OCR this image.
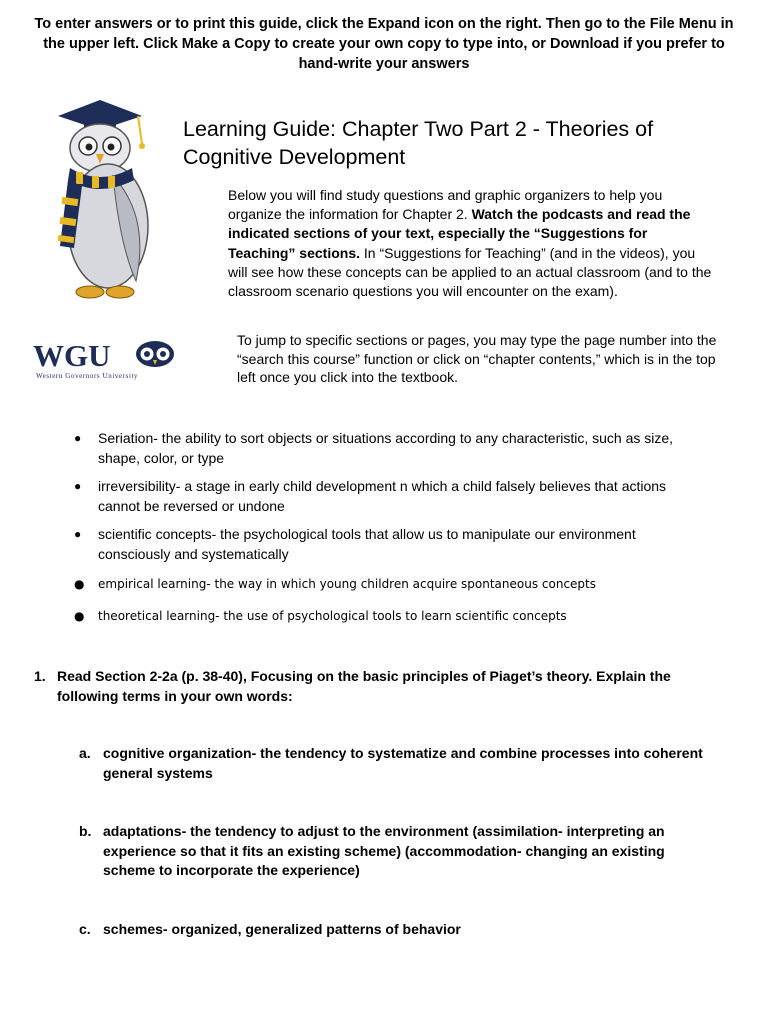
To enter answers or to print this guide, click the Expand icon on the right. Then go to the File Menu in the upper left. Click Make a Copy to create your own copy to type into, or Download if you prefer to hand-write your answers
Learning Guide: Chapter Two Part 2 - Theories of Cognitive Development
Below you will find study questions and graphic organizers to help you organize the information for Chapter 2. Watch the podcasts and read the indicated sections of your text, especially the “Suggestions for Teaching” sections. In “Suggestions for Teaching” (and in the videos), you will see how these concepts can be applied to an actual classroom (and to the classroom scenario questions you will encounter on the exam).
To jump to specific sections or pages, you may type the page number into the “search this course” function or click on “chapter contents,” which is in the top left once you click into the textbook.
WGU
Western Governors University
● Seriation- the ability to sort objects or situations according to any characteristic, such as size, shape, color, or type
● irreversibility- a stage in early child development n which a child falsely believes that actions cannot be reversed or undone
● scientific concepts- the psychological tools that allow us to manipulate our environment consciously and systematically
● empirical learning- the way in which young children acquire spontaneous concepts
● theoretical learning- the use of psychological tools to learn scientific concepts
1. Read Section 2-2a (p. 38-40), Focusing on the basic principles of Piaget’s theory. Explain the following terms in your own words:
a. cognitive organization- the tendency to systematize and combine processes into coherent general systems
b. adaptations- the tendency to adjust to the environment (assimilation- interpreting an experience so that it fits an existing scheme) (accommodation- changing an existing scheme to incorporate the experience)
c. schemes- organized, generalized patterns of behavior
